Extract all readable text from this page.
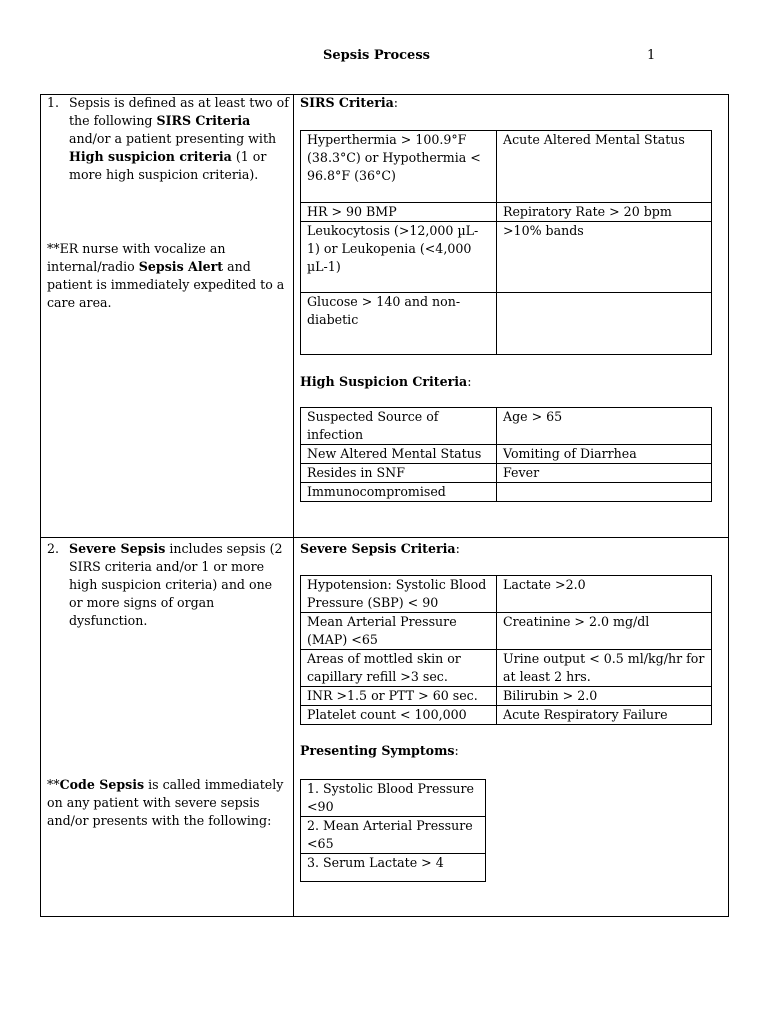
Sepsis Process	1
1. Sepsis is defined as at least two of the following SIRS Criteria and/or a patient presenting with High suspicion criteria (1 or more high suspicion criteria).
**ER nurse with vocalize an internal/radio Sepsis Alert and patient is immediately expedited to a care area.
SIRS Criteria:
Hyperthermia > 100.9°F (38.3°C) or Hypothermia < 96.8°F (36°C)	Acute Altered Mental Status
HR > 90 BMP	Repiratory Rate > 20 bpm
Leukocytosis (>12,000 µL-1) or Leukopenia (<4,000 µL-1)	>10% bands
Glucose > 140 and non-diabetic	
High Suspicion Criteria:
Suspected Source of infection	Age > 65
New Altered Mental Status	Vomiting of Diarrhea
Resides in SNF	Fever
Immunocompromised	
2. Severe Sepsis includes sepsis (2 SIRS criteria and/or 1 or more high suspicion criteria) and one or more signs of organ dysfunction.
**Code Sepsis is called immediately on any patient with severe sepsis and/or presents with the following:
Severe Sepsis Criteria:
Hypotension: Systolic Blood Pressure (SBP) < 90	Lactate >2.0
Mean Arterial Pressure (MAP) <65	Creatinine > 2.0 mg/dl
Areas of mottled skin or capillary refill >3 sec.	Urine output < 0.5 ml/kg/hr for at least 2 hrs.
INR >1.5 or PTT > 60 sec.	Bilirubin > 2.0
Platelet count < 100,000	Acute Respiratory Failure
Presenting Symptoms:
1. Systolic Blood Pressure <90
2. Mean Arterial Pressure <65
3. Serum Lactate > 4
